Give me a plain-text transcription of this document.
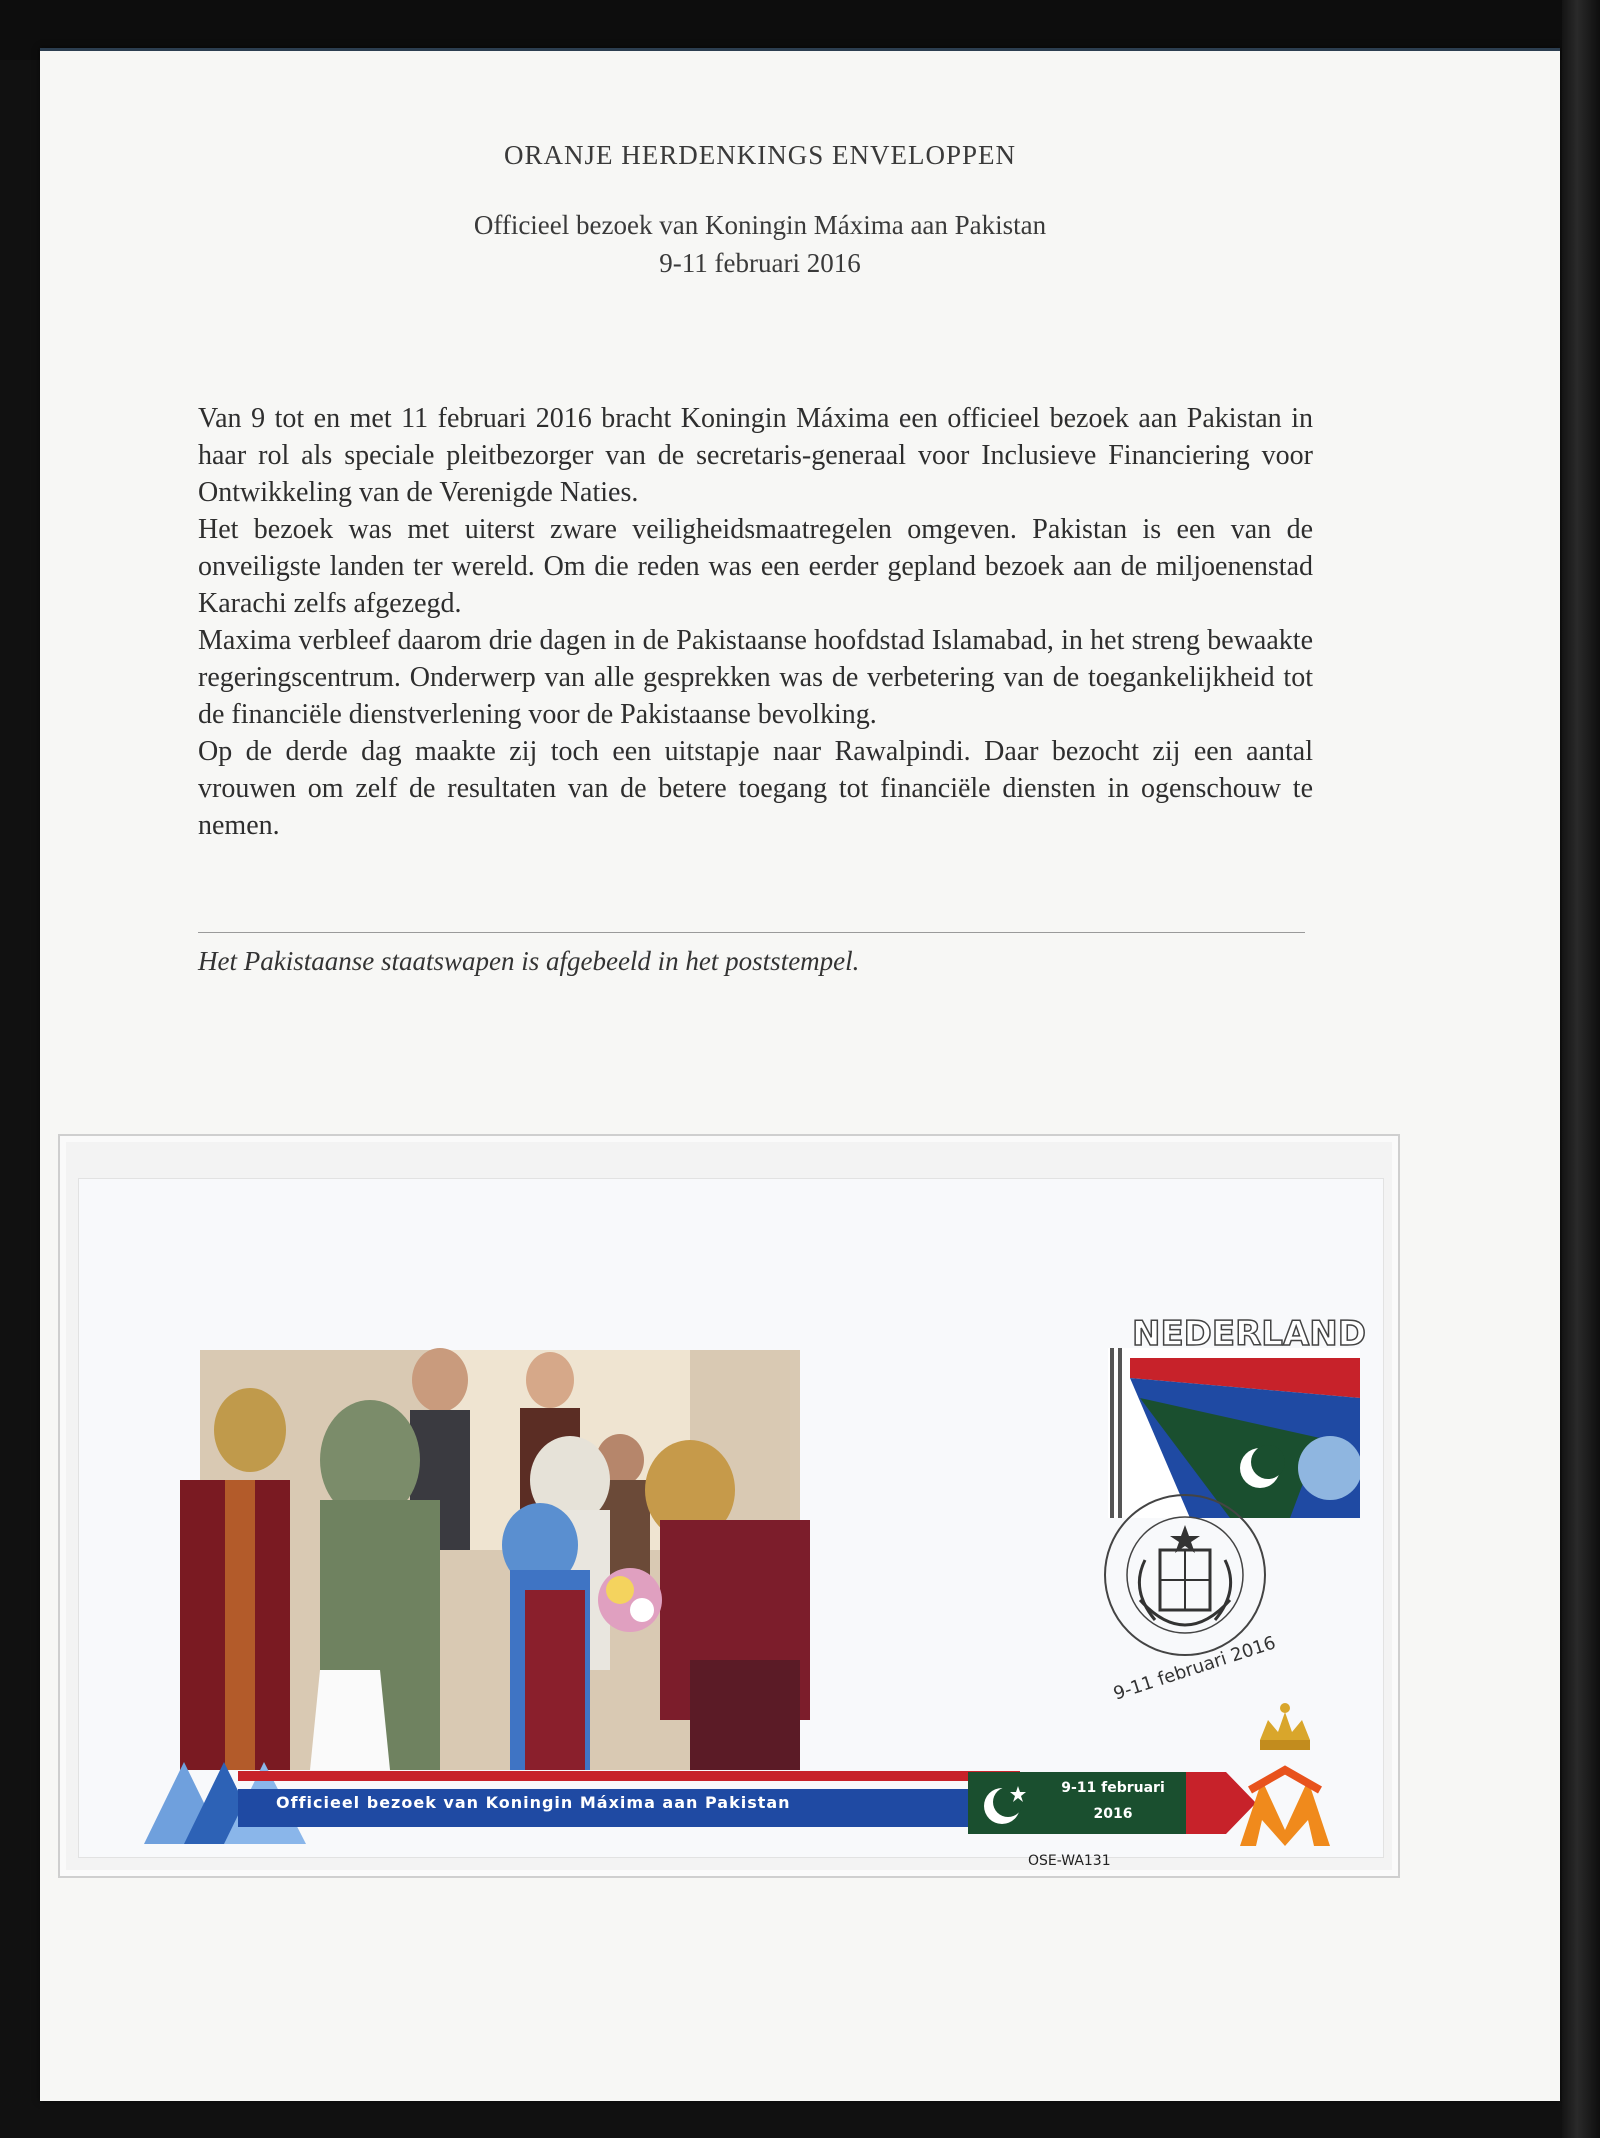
ORANJE HERDENKINGS ENVELOPPEN
Officieel bezoek van Koningin Máxima aan Pakistan
9-11 februari 2016

Van 9 tot en met 11 februari 2016 bracht Koningin Máxima een officieel bezoek aan Pakistan in haar rol als speciale pleitbezorger van de secretaris-generaal voor Inclusieve Financiering voor Ontwikkeling van de Verenigde Naties.

Het bezoek was met uiterst zware veiligheidsmaatregelen omgeven. Pakistan is een van de onveiligste landen ter wereld. Om die reden was een eerder gepland bezoek aan de miljoenenstad Karachi zelfs afgezegd.

Maxima verbleef daarom drie dagen in de Pakistaanse hoofdstad Islamabad, in het streng bewaakte regeringscentrum. Onderwerp van alle gesprekken was de verbetering van de toegankelijkheid tot de financiële dienstverlening voor de Pakistaanse bevolking.

Op de derde dag maakte zij toch een uitstapje naar Rawalpindi. Daar bezocht zij een aantal vrouwen om zelf de resultaten van de betere toegang tot financiële diensten in ogenschouw te nemen.

Het Pakistaanse staatswapen is afgebeeld in het poststempel.
Officieel bezoek van Koningin Máxima aan Pakistan
9-11 februari
2016
OSE-WA131
NEDERLAND
9-11 februari 2016
